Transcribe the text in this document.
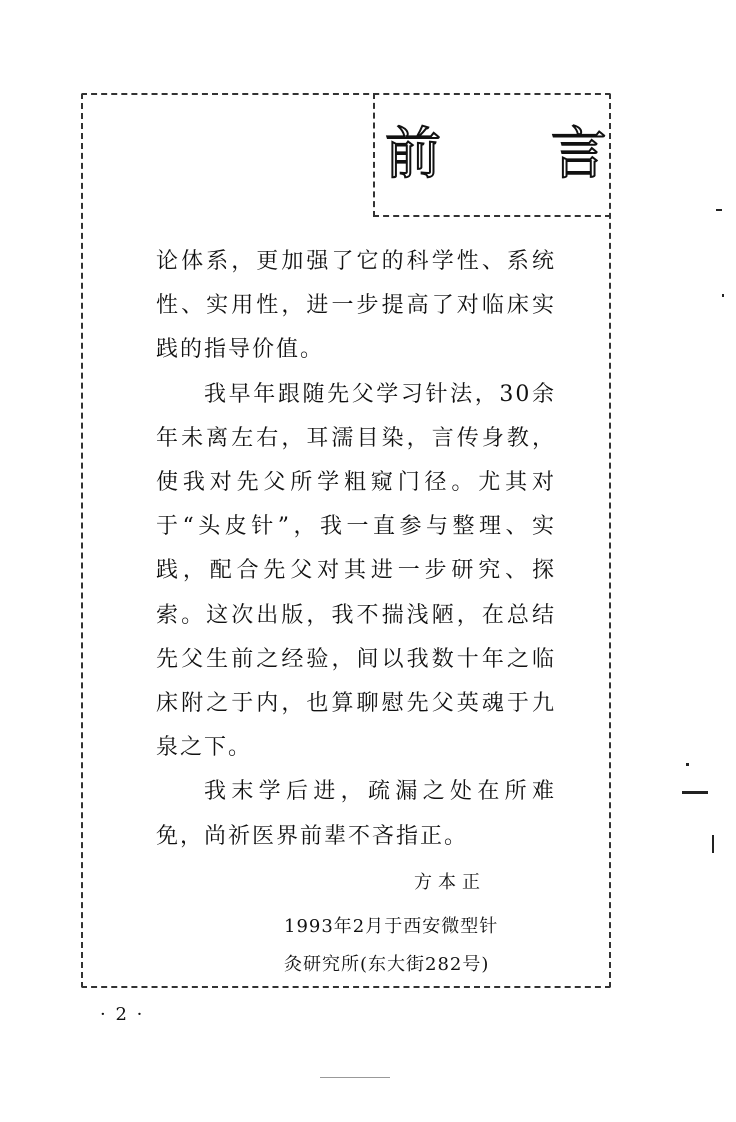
前 言

论体系，更加强了它的科学性、系统性、实用性，进一步提高了对临床实践的指导价值。

我早年跟随先父学习针法，30余年未离左右，耳濡目染，言传身教，使我对先父所学粗窥门径。尤其对于“头皮针”，我一直参与整理、实践，配合先父对其进一步研究、探索。这次出版，我不揣浅陋，在总结先父生前之经验，间以我数十年之临床附之于内，也算聊慰先父英魂于九泉之下。

我末学后进，疏漏之处在所难免，尚祈医界前辈不吝指正。

方本正
1993年2月于西安微型针
灸研究所(东大街282号)
· 2 ·
